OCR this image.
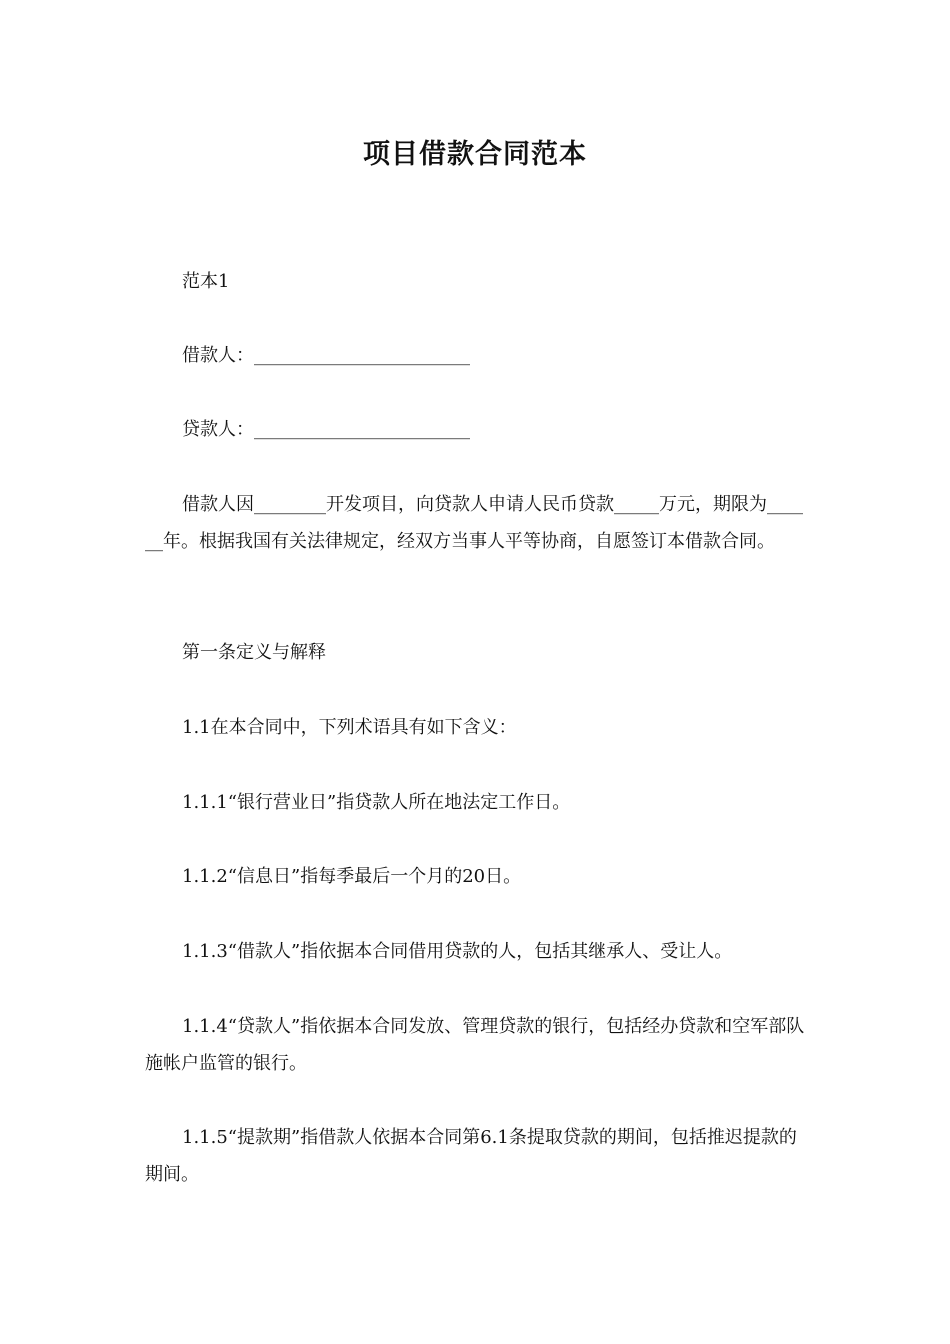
项目借款合同范本

范本1

借款人：________________________

贷款人：________________________

借款人因________开发项目，向贷款人申请人民币贷款_____万元，期限为______年。根据我国有关法律规定，经双方当事人平等协商，自愿签订本借款合同。

第一条定义与解释

1.1在本合同中，下列术语具有如下含义：

1.1.1“银行营业日”指贷款人所在地法定工作日。

1.1.2“信息日”指每季最后一个月的20日。

1.1.3“借款人”指依据本合同借用贷款的人，包括其继承人、受让人。

1.1.4“贷款人”指依据本合同发放、管理贷款的银行，包括经办贷款和空军部队施帐户监管的银行。

1.1.5“提款期”指借款人依据本合同第6.1条提取贷款的期间，包括推迟提款的期间。
